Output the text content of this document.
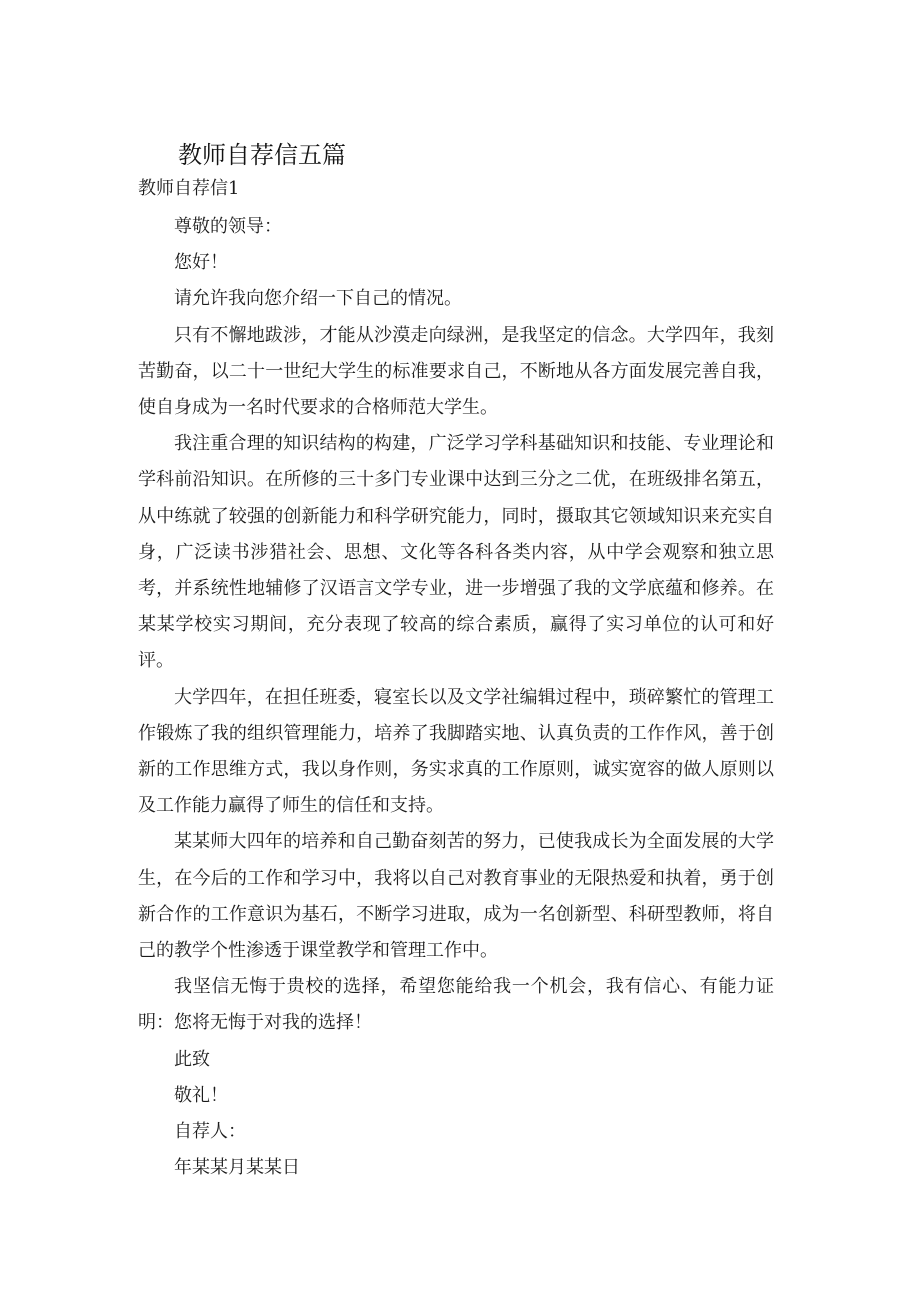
教师自荐信五篇
教师自荐信1

尊敬的领导：

您好！

请允许我向您介绍一下自己的情况。

只有不懈地跋涉，才能从沙漠走向绿洲，是我坚定的信念。大学四年，我刻苦勤奋，以二十一世纪大学生的标准要求自己，不断地从各方面发展完善自我，使自身成为一名时代要求的合格师范大学生。

我注重合理的知识结构的构建，广泛学习学科基础知识和技能、专业理论和学科前沿知识。在所修的三十多门专业课中达到三分之二优，在班级排名第五，从中练就了较强的创新能力和科学研究能力，同时，摄取其它领域知识来充实自身，广泛读书涉猎社会、思想、文化等各科各类内容，从中学会观察和独立思考，并系统性地辅修了汉语言文学专业，进一步增强了我的文学底蕴和修养。在某某学校实习期间，充分表现了较高的综合素质，赢得了实习单位的认可和好评。

大学四年，在担任班委，寝室长以及文学社编辑过程中，琐碎繁忙的管理工作锻炼了我的组织管理能力，培养了我脚踏实地、认真负责的工作作风，善于创新的工作思维方式，我以身作则，务实求真的工作原则，诚实宽容的做人原则以及工作能力赢得了师生的信任和支持。

某某师大四年的培养和自己勤奋刻苦的努力，已使我成长为全面发展的大学生，在今后的工作和学习中，我将以自己对教育事业的无限热爱和执着，勇于创新合作的工作意识为基石，不断学习进取，成为一名创新型、科研型教师，将自己的教学个性渗透于课堂教学和管理工作中。

我坚信无悔于贵校的选择，希望您能给我一个机会，我有信心、有能力证明：您将无悔于对我的选择！

此致

敬礼！

自荐人：

年某某月某某日
